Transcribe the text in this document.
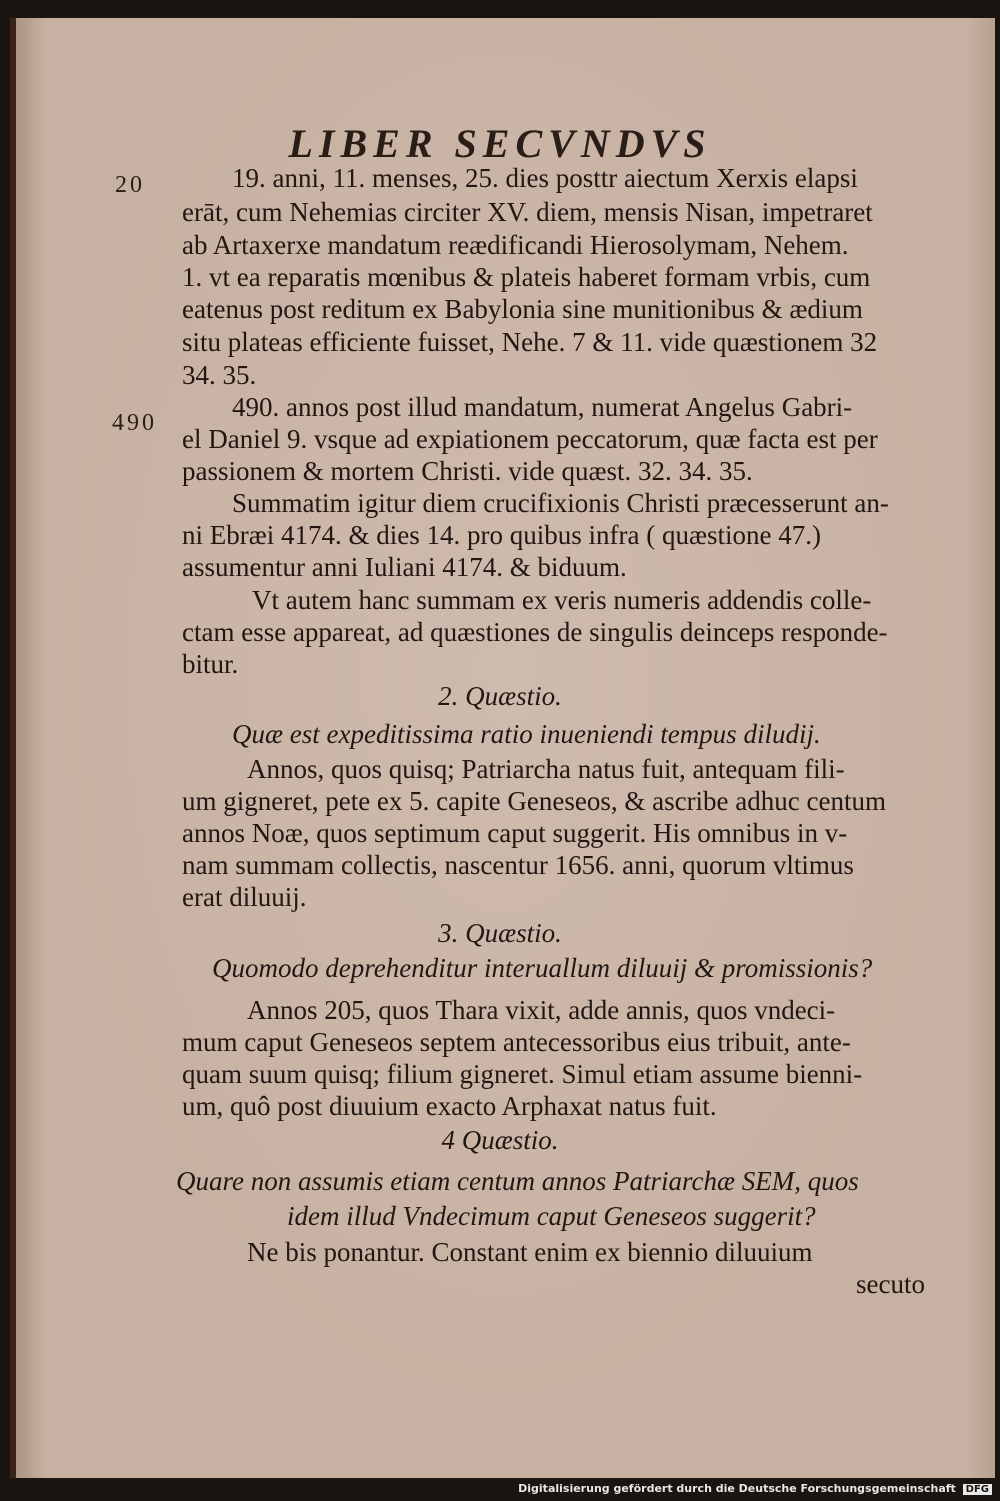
LIBER SECVNDVS
20
490

19. anni, 11. menses, 25. dies posttr aiectum Xerxis elapsi

erāt, cum Nehemias circiter XV. diem, mensis Nisan, impetraret

ab Artaxerxe mandatum reædificandi Hierosolymam, Nehem.

1. vt ea reparatis mœnibus & plateis haberet formam vrbis, cum

eatenus post reditum ex Babylonia sine munitionibus & ædium

situ plateas efficiente fuisset, Nehe. 7 & 11. vide quæstionem 32

34. 35.

490. annos post illud mandatum, numerat Angelus Gabri-

el Daniel 9. vsque ad expiationem peccatorum, quæ facta est per

passionem & mortem Christi. vide quæst. 32. 34. 35.

Summatim igitur diem crucifixionis Christi præcesserunt an-

ni Ebræi 4174. & dies 14. pro quibus infra ( quæstione 47.)

assumentur anni Iuliani 4174. & biduum.

Vt autem hanc summam ex veris numeris addendis colle-

ctam esse appareat, ad quæstiones de singulis deinceps responde-

bitur.

2. Quæstio.

Quæ est expeditissima ratio inueniendi tempus diludij.

Annos, quos quisq; Patriarcha natus fuit, antequam fili-

um gigneret, pete ex 5. capite Geneseos, & ascribe adhuc centum

annos Noæ, quos septimum caput suggerit. His omnibus in v-

nam summam collectis, nascentur 1656. anni, quorum vltimus

erat diluuij.

3. Quæstio.

Quomodo deprehenditur interuallum diluuij & promissionis?

Annos 205, quos Thara vixit, adde annis, quos vndeci-

mum caput Geneseos septem antecessoribus eius tribuit, ante-

quam suum quisq; filium gigneret. Simul etiam assume bienni-

um, quô post diuuium exacto Arphaxat natus fuit.

4 Quæstio.

Quare non assumis etiam centum annos Patriarchæ SEM, quos

idem illud Vndecimum caput Geneseos suggerit?

Ne bis ponantur. Constant enim ex biennio diluuium

secuto

Digitalisierung gefördert durch die Deutsche Forschungsgemeinschaft DFG
